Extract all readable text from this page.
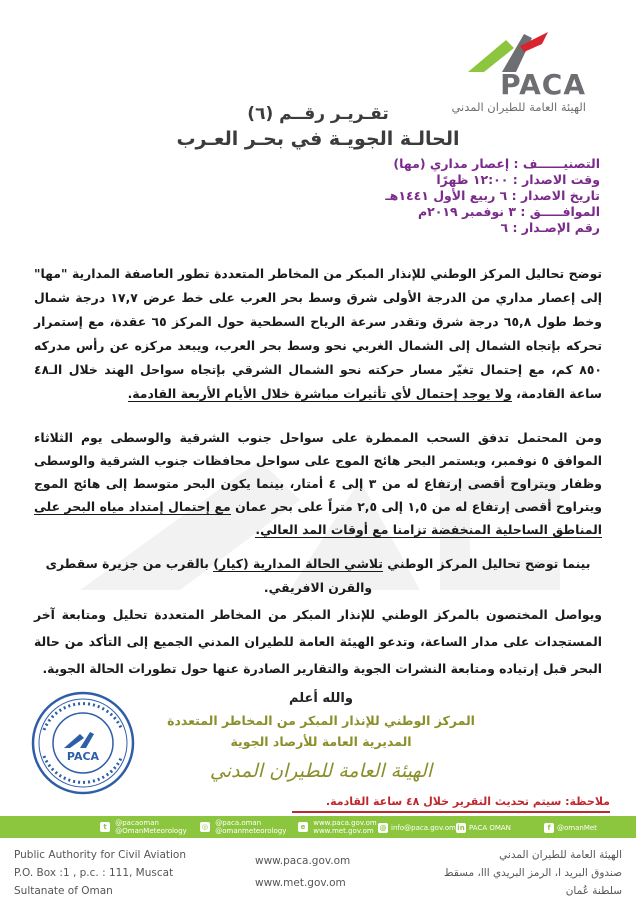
PACA
الهيئة العامة للطيران المدني
تقـريـر رقــم (٦)
الحالـة الجويـة في بحـر العـرب
التصنيــــــف : إعصار مداري (مها)
وقت الاصدار : ١٢:٠٠ ظهرًا
تاريخ الاصدار : ٦ ربيع الأول ١٤٤١هـ
الموافـــــق : ٣ نوفمبر ٢٠١٩م
رقم الإصـدار : ٦
توضح تحاليل المركز الوطني للإنذار المبكر من المخاطر المتعددة تطور العاصفة المدارية "مها" إلى إعصار مداري من الدرجة الأولى شرق وسط بحر العرب على خط عرض ١٧,٧ درجة شمال وخط طول ٦٥,٨ درجة شرق وتقدر سرعة الرياح السطحية حول المركز ٦٥ عقدة، مع إستمرار تحركه بإتجاه الشمال إلى الشمال الغربي نحو وسط بحر العرب، ويبعد مركزه عن رأس مدركه ٨٥٠ كم، مع إحتمال تغيّر مسار حركته نحو الشمال الشرقي بإتجاه سواحل الهند خلال الـ٤٨ ساعة القادمة، ولا يوجد إحتمال لأي تأثيرات مباشرة خلال الأيام الأربعة القادمة.
ومن المحتمل تدفق السحب الممطرة على سواحل جنوب الشرقية والوسطى يوم الثلاثاء الموافق ٥ نوفمبر، ويستمر البحر هائج الموج على سواحل محافظات جنوب الشرقية والوسطى وظفار ويتراوح أقصى إرتفاع له من ٣ إلى ٤ أمتار، بينما يكون البحر متوسط إلى هائج الموج ويتراوح أقصى إرتفاع له من ١,٥ إلى ٢,٥ متراً على بحر عمان مع إحتمال إمتداد مياه البحر على المناطق الساحلية المنخفضة تزامنا مع أوقات المد العالي.
بينما توضح تحاليل المركز الوطني تلاشي الحالة المدارية (كيار) بالقرب من جزيرة سقطرى والقرن الافريقي.
ويواصل المختصون بالمركز الوطني للإنذار المبكر من المخاطر المتعددة تحليل ومتابعة آخر المستجدات على مدار الساعة، وتدعو الهيئة العامة للطيران المدني الجميع إلى التأكد من حالة البحر قبل إرتياده ومتابعة النشرات الجوية والتقارير الصادرة عنها حول تطورات الحالة الجوية.
والله أعلم
المركز الوطني للإنذار المبكر من المخاطر المتعددة
المديرية العامة للأرصاد الجوية
الهيئة العامة للطيران المدني
PACA
ملاحظة: سيتم تحديث التقرير خلال ٤٨ ساعة القادمة.
t @pacaoman
@OmanMeteorology ◎ @paca.oman
@omanmeteorology	e www.paca.gov.om
www.met.gov.om @ info@paca.gov.om in PACA OMAN	f @omanMet
Public Authority for Civil Aviation
P.O. Box :1 , p.c. : 111, Muscat
Sultanate of Oman
www.paca.gov.om
www.met.gov.om
الهيئة العامة للطيران المدني
صندوق البريد ا، الرمز البريدي ااا، مسقط
سلطنة عُمان
